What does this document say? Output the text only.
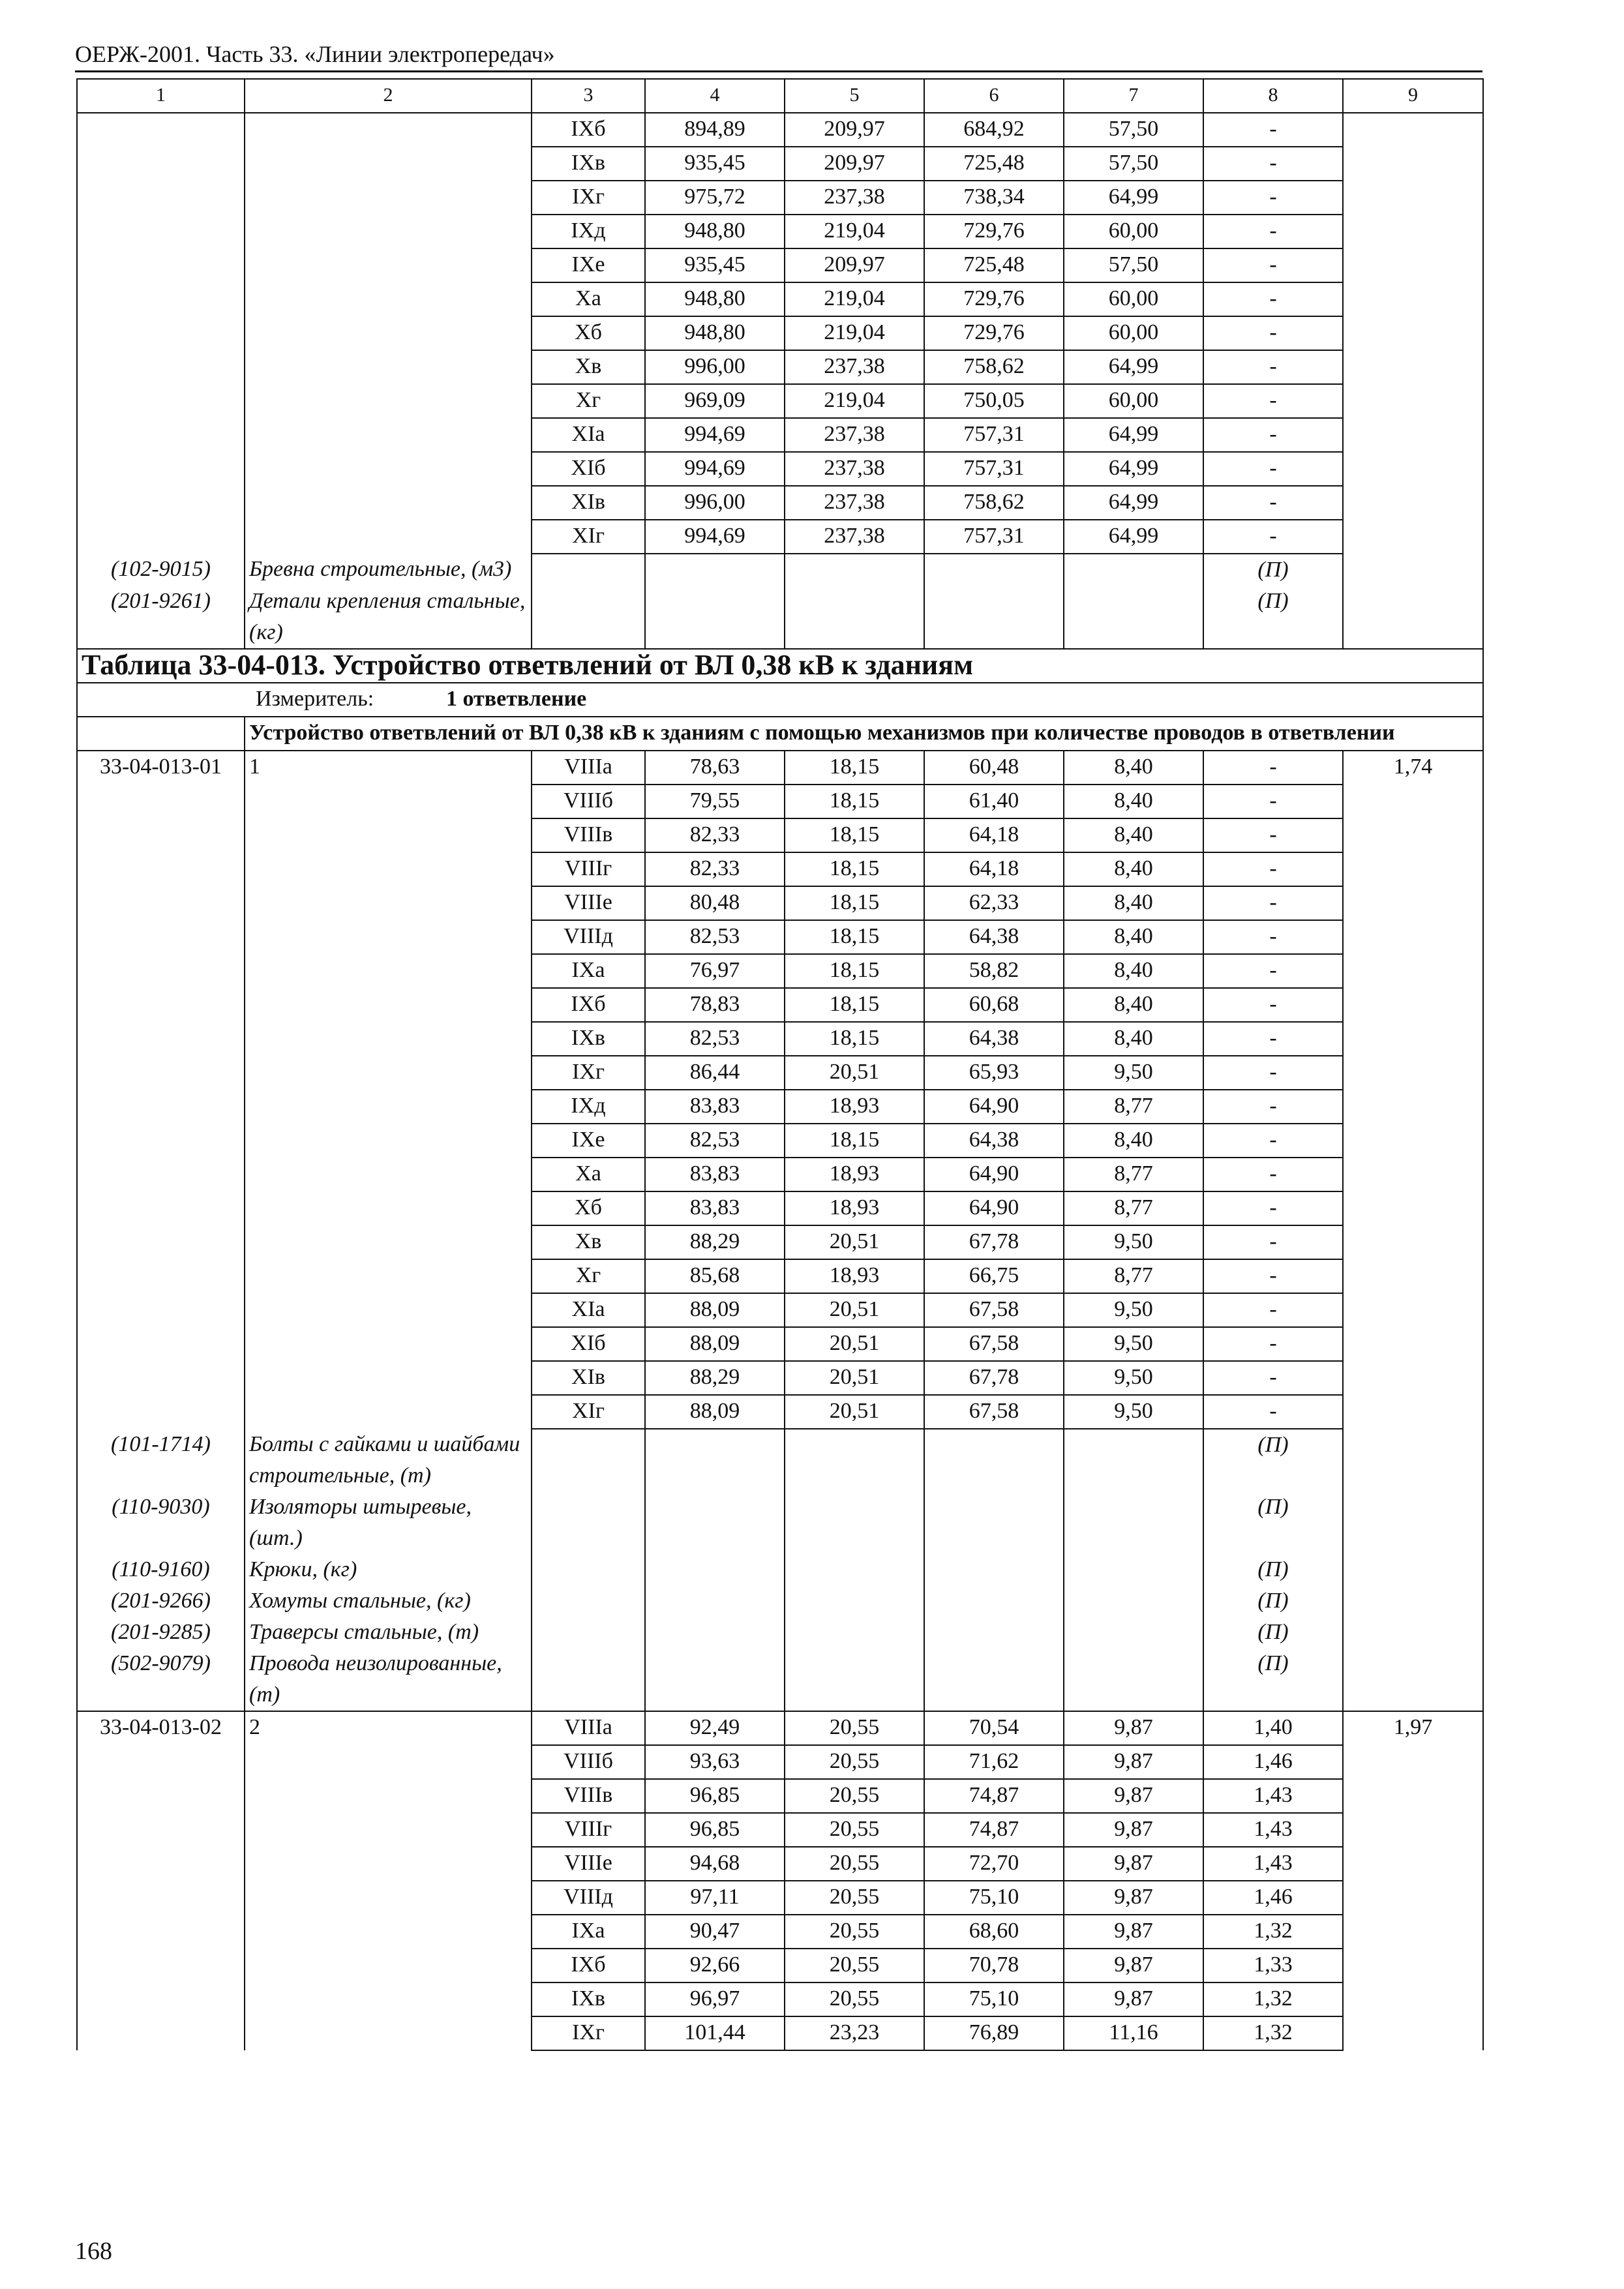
ОЕРЖ-2001. Часть 33. «Линии электропередач»
1	2	3	4	5	6	7	8	9
		IXб	894,89	209,97	684,92	57,50	-	
		IXв	935,45	209,97	725,48	57,50	-	
		IXг	975,72	237,38	738,34	64,99	-	
		IXд	948,80	219,04	729,76	60,00	-	
		IXе	935,45	209,97	725,48	57,50	-	
		Xа	948,80	219,04	729,76	60,00	-	
		Xб	948,80	219,04	729,76	60,00	-	
		Xв	996,00	237,38	758,62	64,99	-	
		Xг	969,09	219,04	750,05	60,00	-	
		XIа	994,69	237,38	757,31	64,99	-	
		XIб	994,69	237,38	757,31	64,99	-	
		XIв	996,00	237,38	758,62	64,99	-	
		XIг	994,69	237,38	757,31	64,99	-	
(102-9015)	Бревна строительные, (м3)						(П)	
(201-9261)	Детали крепления стальные, (кг)						(П)	
Таблица 33-04-013. Устройство ответвлений от ВЛ 0,38 кВ к зданиям								
Измеритель: 1 ответвление								
	Устройство ответвлений от ВЛ 0,38 кВ к зданиям с помощью механизмов при количестве проводов в ответвлении							
33-04-013-01	1	VIIIа	78,63	18,15	60,48	8,40	-	1,74
		VIIIб	79,55	18,15	61,40	8,40	-	
		VIIIв	82,33	18,15	64,18	8,40	-	
		VIIIг	82,33	18,15	64,18	8,40	-	
		VIIIе	80,48	18,15	62,33	8,40	-	
		VIIIд	82,53	18,15	64,38	8,40	-	
		IXа	76,97	18,15	58,82	8,40	-	
		IXб	78,83	18,15	60,68	8,40	-	
		IXв	82,53	18,15	64,38	8,40	-	
		IXг	86,44	20,51	65,93	9,50	-	
		IXд	83,83	18,93	64,90	8,77	-	
		IXе	82,53	18,15	64,38	8,40	-	
		Xа	83,83	18,93	64,90	8,77	-	
		Xб	83,83	18,93	64,90	8,77	-	
		Xв	88,29	20,51	67,78	9,50	-	
		Xг	85,68	18,93	66,75	8,77	-	
		XIа	88,09	20,51	67,58	9,50	-	
		XIб	88,09	20,51	67,58	9,50	-	
		XIв	88,29	20,51	67,78	9,50	-	
		XIг	88,09	20,51	67,58	9,50	-	
(101-1714)	Болты с гайками и шайбами строительные, (т)						(П)	
(110-9030)	Изоляторы штыревые, (шт.)						(П)	
(110-9160)	Крюки, (кг)						(П)	
(201-9266)	Хомуты стальные, (кг)						(П)	
(201-9285)	Траверсы стальные, (т)						(П)	
(502-9079)	Провода неизолированные, (т)						(П)	
33-04-013-02	2	VIIIа	92,49	20,55	70,54	9,87	1,40	1,97
		VIIIб	93,63	20,55	71,62	9,87	1,46	
		VIIIв	96,85	20,55	74,87	9,87	1,43	
		VIIIг	96,85	20,55	74,87	9,87	1,43	
		VIIIе	94,68	20,55	72,70	9,87	1,43	
		VIIIд	97,11	20,55	75,10	9,87	1,46	
		IXа	90,47	20,55	68,60	9,87	1,32	
		IXб	92,66	20,55	70,78	9,87	1,33	
		IXв	96,97	20,55	75,10	9,87	1,32	
		IXг	101,44	23,23	76,89	11,16	1,32	
168
